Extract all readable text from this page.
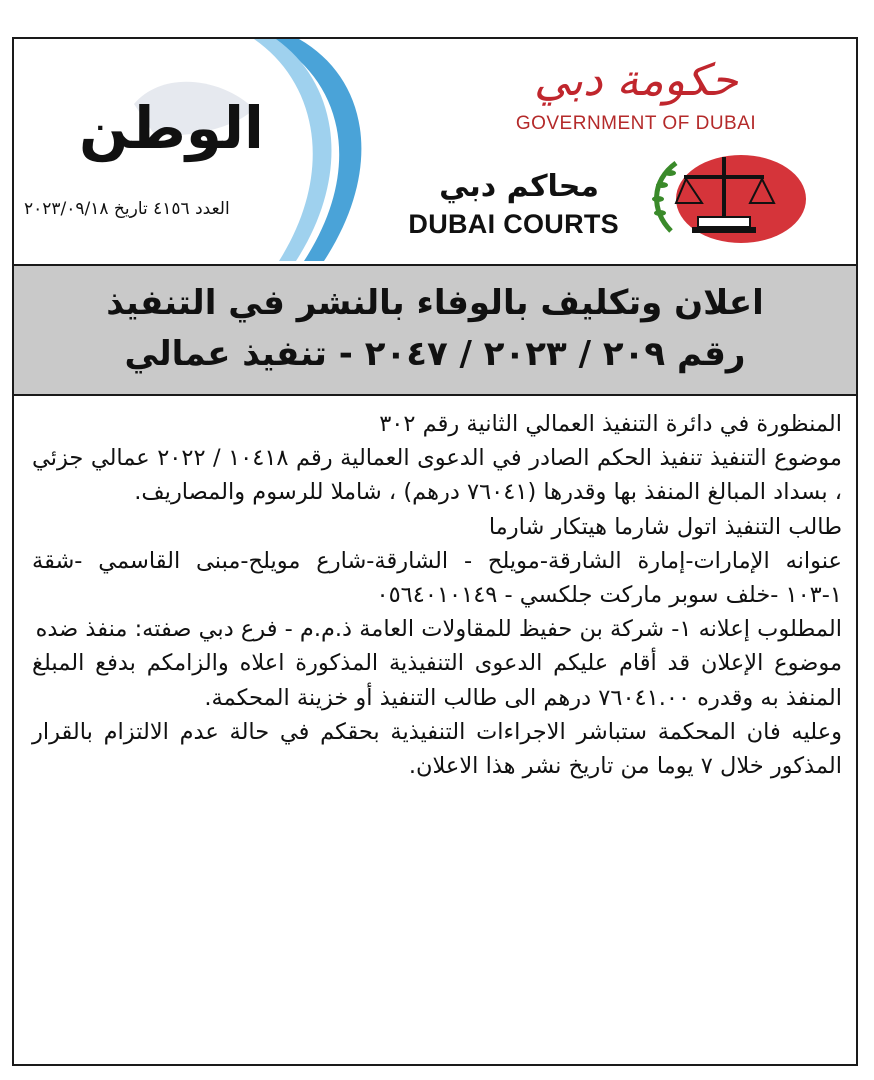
الوطن
العدد ٤١٥٦ تاريخ ٢٠٢٣/٠٩/١٨
حكومة دبي
GOVERNMENT OF DUBAI
محاكم دبي
DUBAI COURTS
اعلان وتكليف بالوفاء بالنشر في التنفيذ
رقم ٢٠٩ / ٢٠٢٣ / ٢٠٤٧ - تنفيذ عمالي

المنظورة في دائرة التنفيذ العمالي الثانية رقم ٣٠٢

موضوع التنفيذ تنفيذ الحكم الصادر في الدعوى العمالية رقم ١٠٤١٨ / ٢٠٢٢ عمالي جزئي ، بسداد المبالغ المنفذ بها وقدرها (٧٦٠٤١ درهم) ، شاملا للرسوم والمصاريف.

طالب التنفيذ اتول شارما هيتكار شارما

عنوانه الإمارات-إمارة الشارقة-مويلح - الشارقة-شارع مويلح-مبنى القاسمي -شقة ١-١٠٣ -خلف سوبر ماركت جلكسي - ٠٥٦٤٠١٠١٤٩

المطلوب إعلانه ١- شركة بن حفيظ للمقاولات العامة ذ.م.م - فرع دبي صفته: منفذ ضده

موضوع الإعلان قد أقام عليكم الدعوى التنفيذية المذكورة اعلاه والزامكم بدفع المبلغ المنفذ به وقدره ٧٦٠٤١.٠٠ درهم الى طالب التنفيذ أو خزينة المحكمة.

وعليه فان المحكمة ستباشر الاجراءات التنفيذية بحقكم في حالة عدم الالتزام بالقرار المذكور خلال ٧ يوما من تاريخ نشر هذا الاعلان.
